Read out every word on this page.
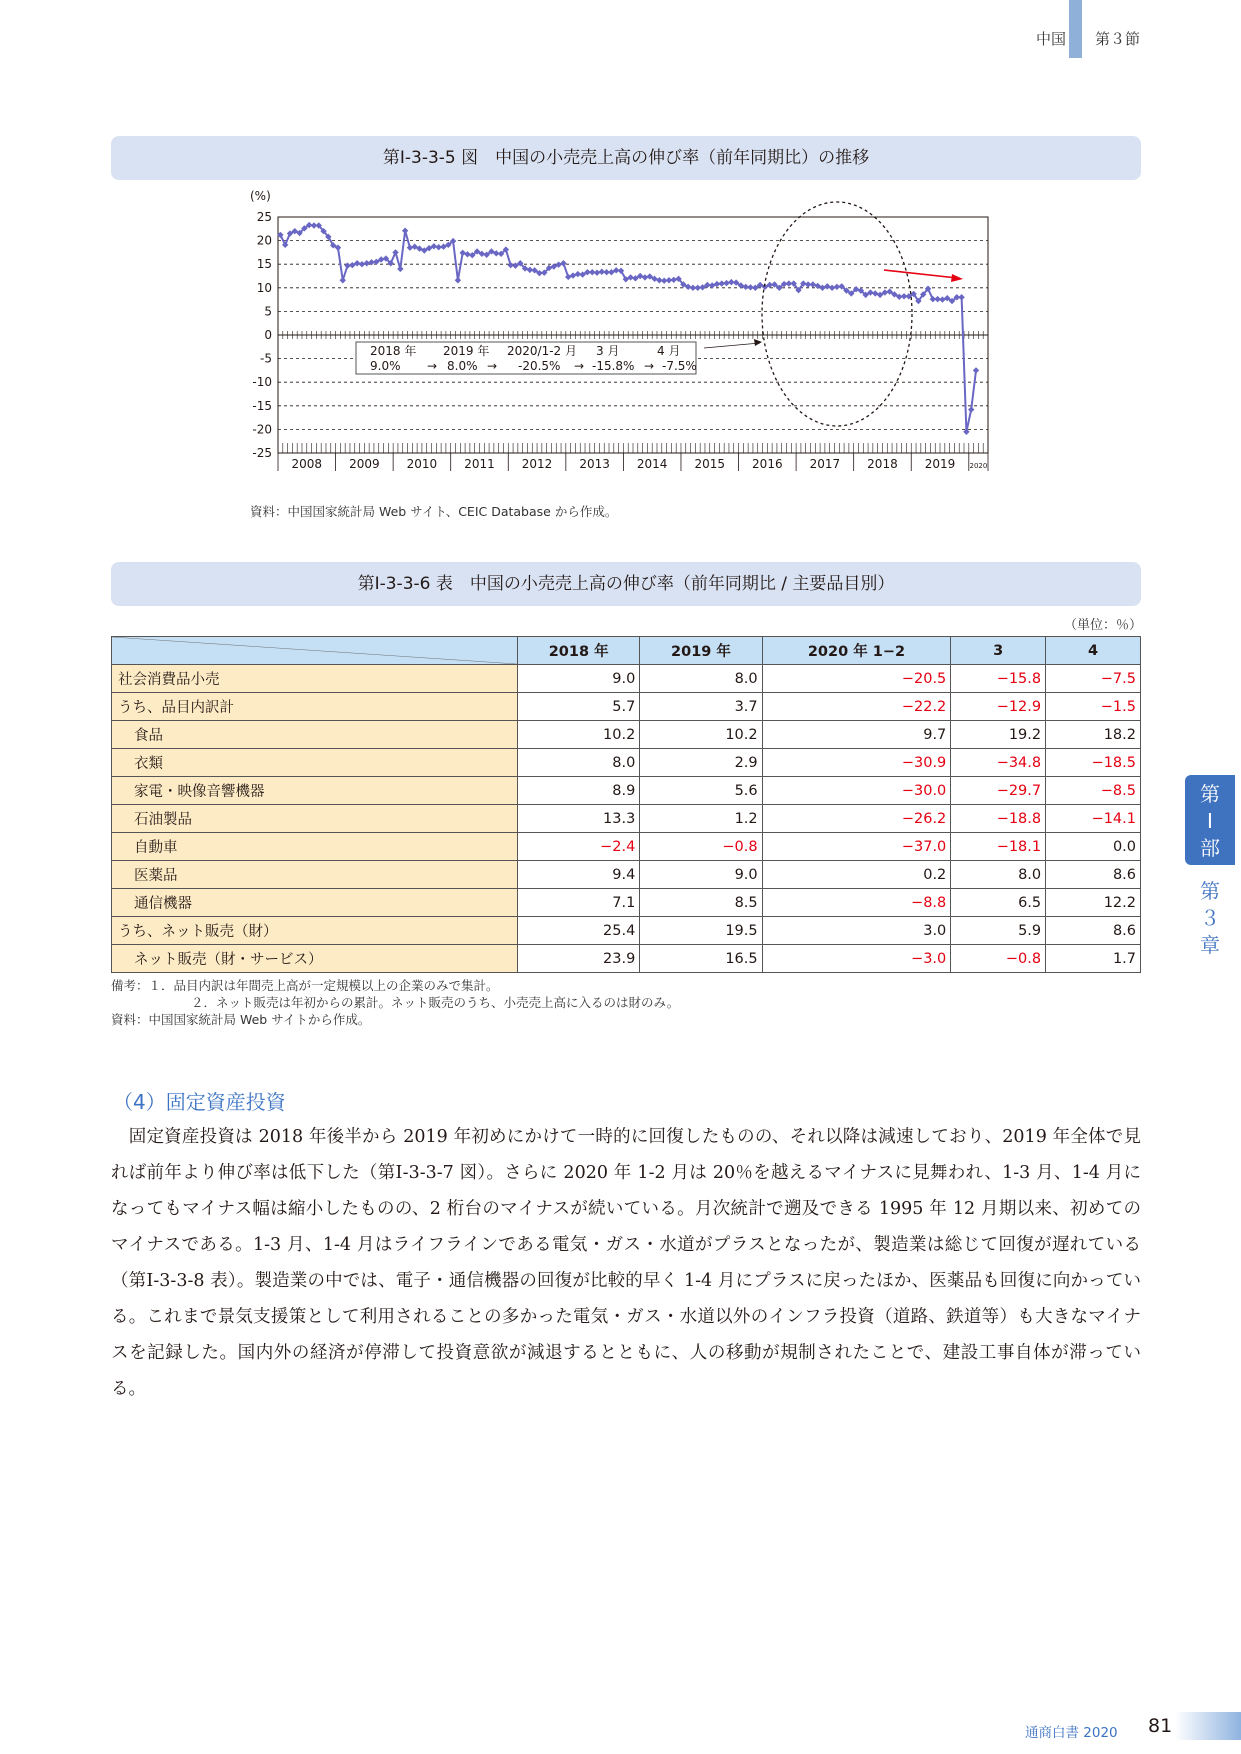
中国 第３節
第Ⅰ-3-3-5 図　中国の小売売上高の伸び率（前年同期比）の推移
(%)
25
20
15
10
5
0
-5
-10
-15
-20
-25
2008 2009 2010 2011 2012 2013 2014 2015 2016 2017 2018 2019 2020
2018 年 2019 年 2020/1-2 月 3 月	4 月
9.0% → 8.0% → -20.5% → -15.8% → -7.5%
資料：中国国家統計局 Web サイト、CEIC Database から作成。
第Ⅰ-3-3-6 表　中国の小売売上高の伸び率（前年同期比 / 主要品目別）
（単位：％）
	2018 年	2019 年	2020 年 1−2	3	4
社会消費品小売	9.0	8.0	−20.5	−15.8	−7.5
うち、品目内訳計	5.7	3.7	−22.2	−12.9	−1.5
食品	10.2	10.2	9.7	19.2	18.2
衣類	8.0	2.9	−30.9	−34.8	−18.5
家電・映像音響機器	8.9	5.6	−30.0	−29.7	−8.5
石油製品	13.3	1.2	−26.2	−18.8	−14.1
自動車	−2.4	−0.8	−37.0	−18.1	0.0
医薬品	9.4	9.0	0.2	8.0	8.6
通信機器	7.1	8.5	−8.8	6.5	12.2
うち、ネット販売（財）	25.4	19.5	3.0	5.9	8.6
ネット販売（財・サービス）	23.9	16.5	−3.0	−0.8	1.7
備考：１．品目内訳は年間売上高が一定規模以上の企業のみで集計。
２．ネット販売は年初からの累計。ネット販売のうち、小売売上高に入るのは財のみ。
資料：中国国家統計局 Web サイトから作成。
（4）固定資産投資
　固定資産投資は 2018 年後半から 2019 年初めにかけて一時的に回復したものの、それ以降は減速しており、2019 年全体で見れば前年より伸び率は低下した（第Ⅰ-3-3-7 図）。さらに 2020 年 1-2 月は 20％を越えるマイナスに見舞われ、1-3 月、1-4 月になってもマイナス幅は縮小したものの、2 桁台のマイナスが続いている。月次統計で遡及できる 1995 年 12 月期以来、初めてのマイナスである。1-3 月、1-4 月はライフラインである電気・ガス・水道がプラスとなったが、製造業は総じて回復が遅れている（第Ⅰ-3-3-8 表）。製造業の中では、電子・通信機器の回復が比較的早く 1-4 月にプラスに戻ったほか、医薬品も回復に向かっている。これまで景気支援策として利用されることの多かった電気・ガス・水道以外のインフラ投資（道路、鉄道等）も大きなマイナスを記録した。国内外の経済が停滞して投資意欲が減退するとともに、人の移動が規制されたことで、建設工事自体が滞っている。
第
Ⅰ
部
第
３
章
通商白書 2020 81
